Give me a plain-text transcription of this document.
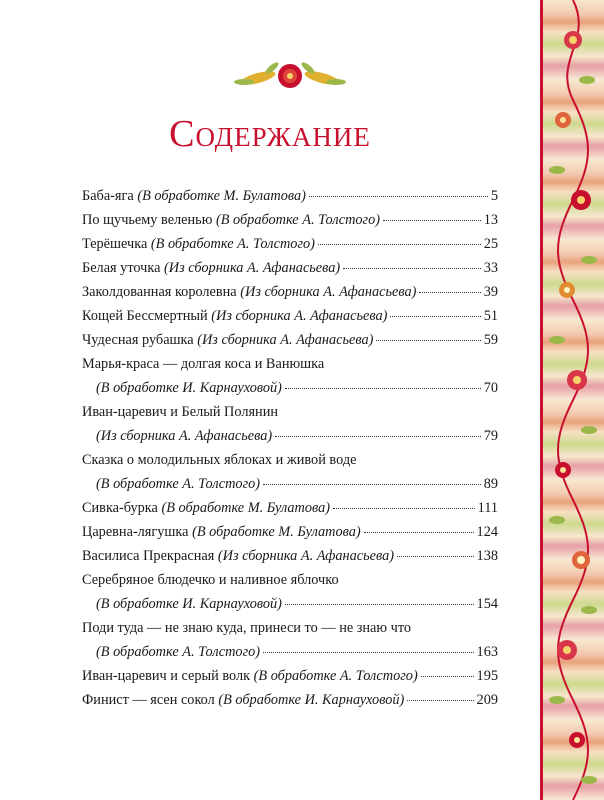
Содержание
Баба-яга (В обработке М. Булатова)	5
По щучьему веленью (В обработке А. Толстого)	13
Терёшечка (В обработке А. Толстого)	25
Белая уточка (Из сборника А. Афанасьева)	33
Заколдованная королевна (Из сборника А. Афанасьева)	39
Кощей Бессмертный (Из сборника А. Афанасьева)	51
Чудесная рубашка (Из сборника А. Афанасьева)	59
Марья-краса — долгая коса и Ванюшка
(В обработке И. Карнауховой)	70
Иван-царевич и Белый Полянин
(Из сборника А. Афанасьева)	79
Сказка о молодильных яблоках и живой воде
(В обработке А. Толстого)	89
Сивка-бурка (В обработке М. Булатова)	111
Царевна-лягушка (В обработке М. Булатова)	124
Василиса Прекрасная (Из сборника А. Афанасьева)	138
Серебряное блюдечко и наливное яблочко
(В обработке И. Карнауховой)	154
Поди туда — не знаю куда, принеси то — не знаю что
(В обработке А. Толстого)	163
Иван-царевич и серый волк (В обработке А. Толстого)	195
Финист — ясен сокол (В обработке И. Карнауховой)	209
